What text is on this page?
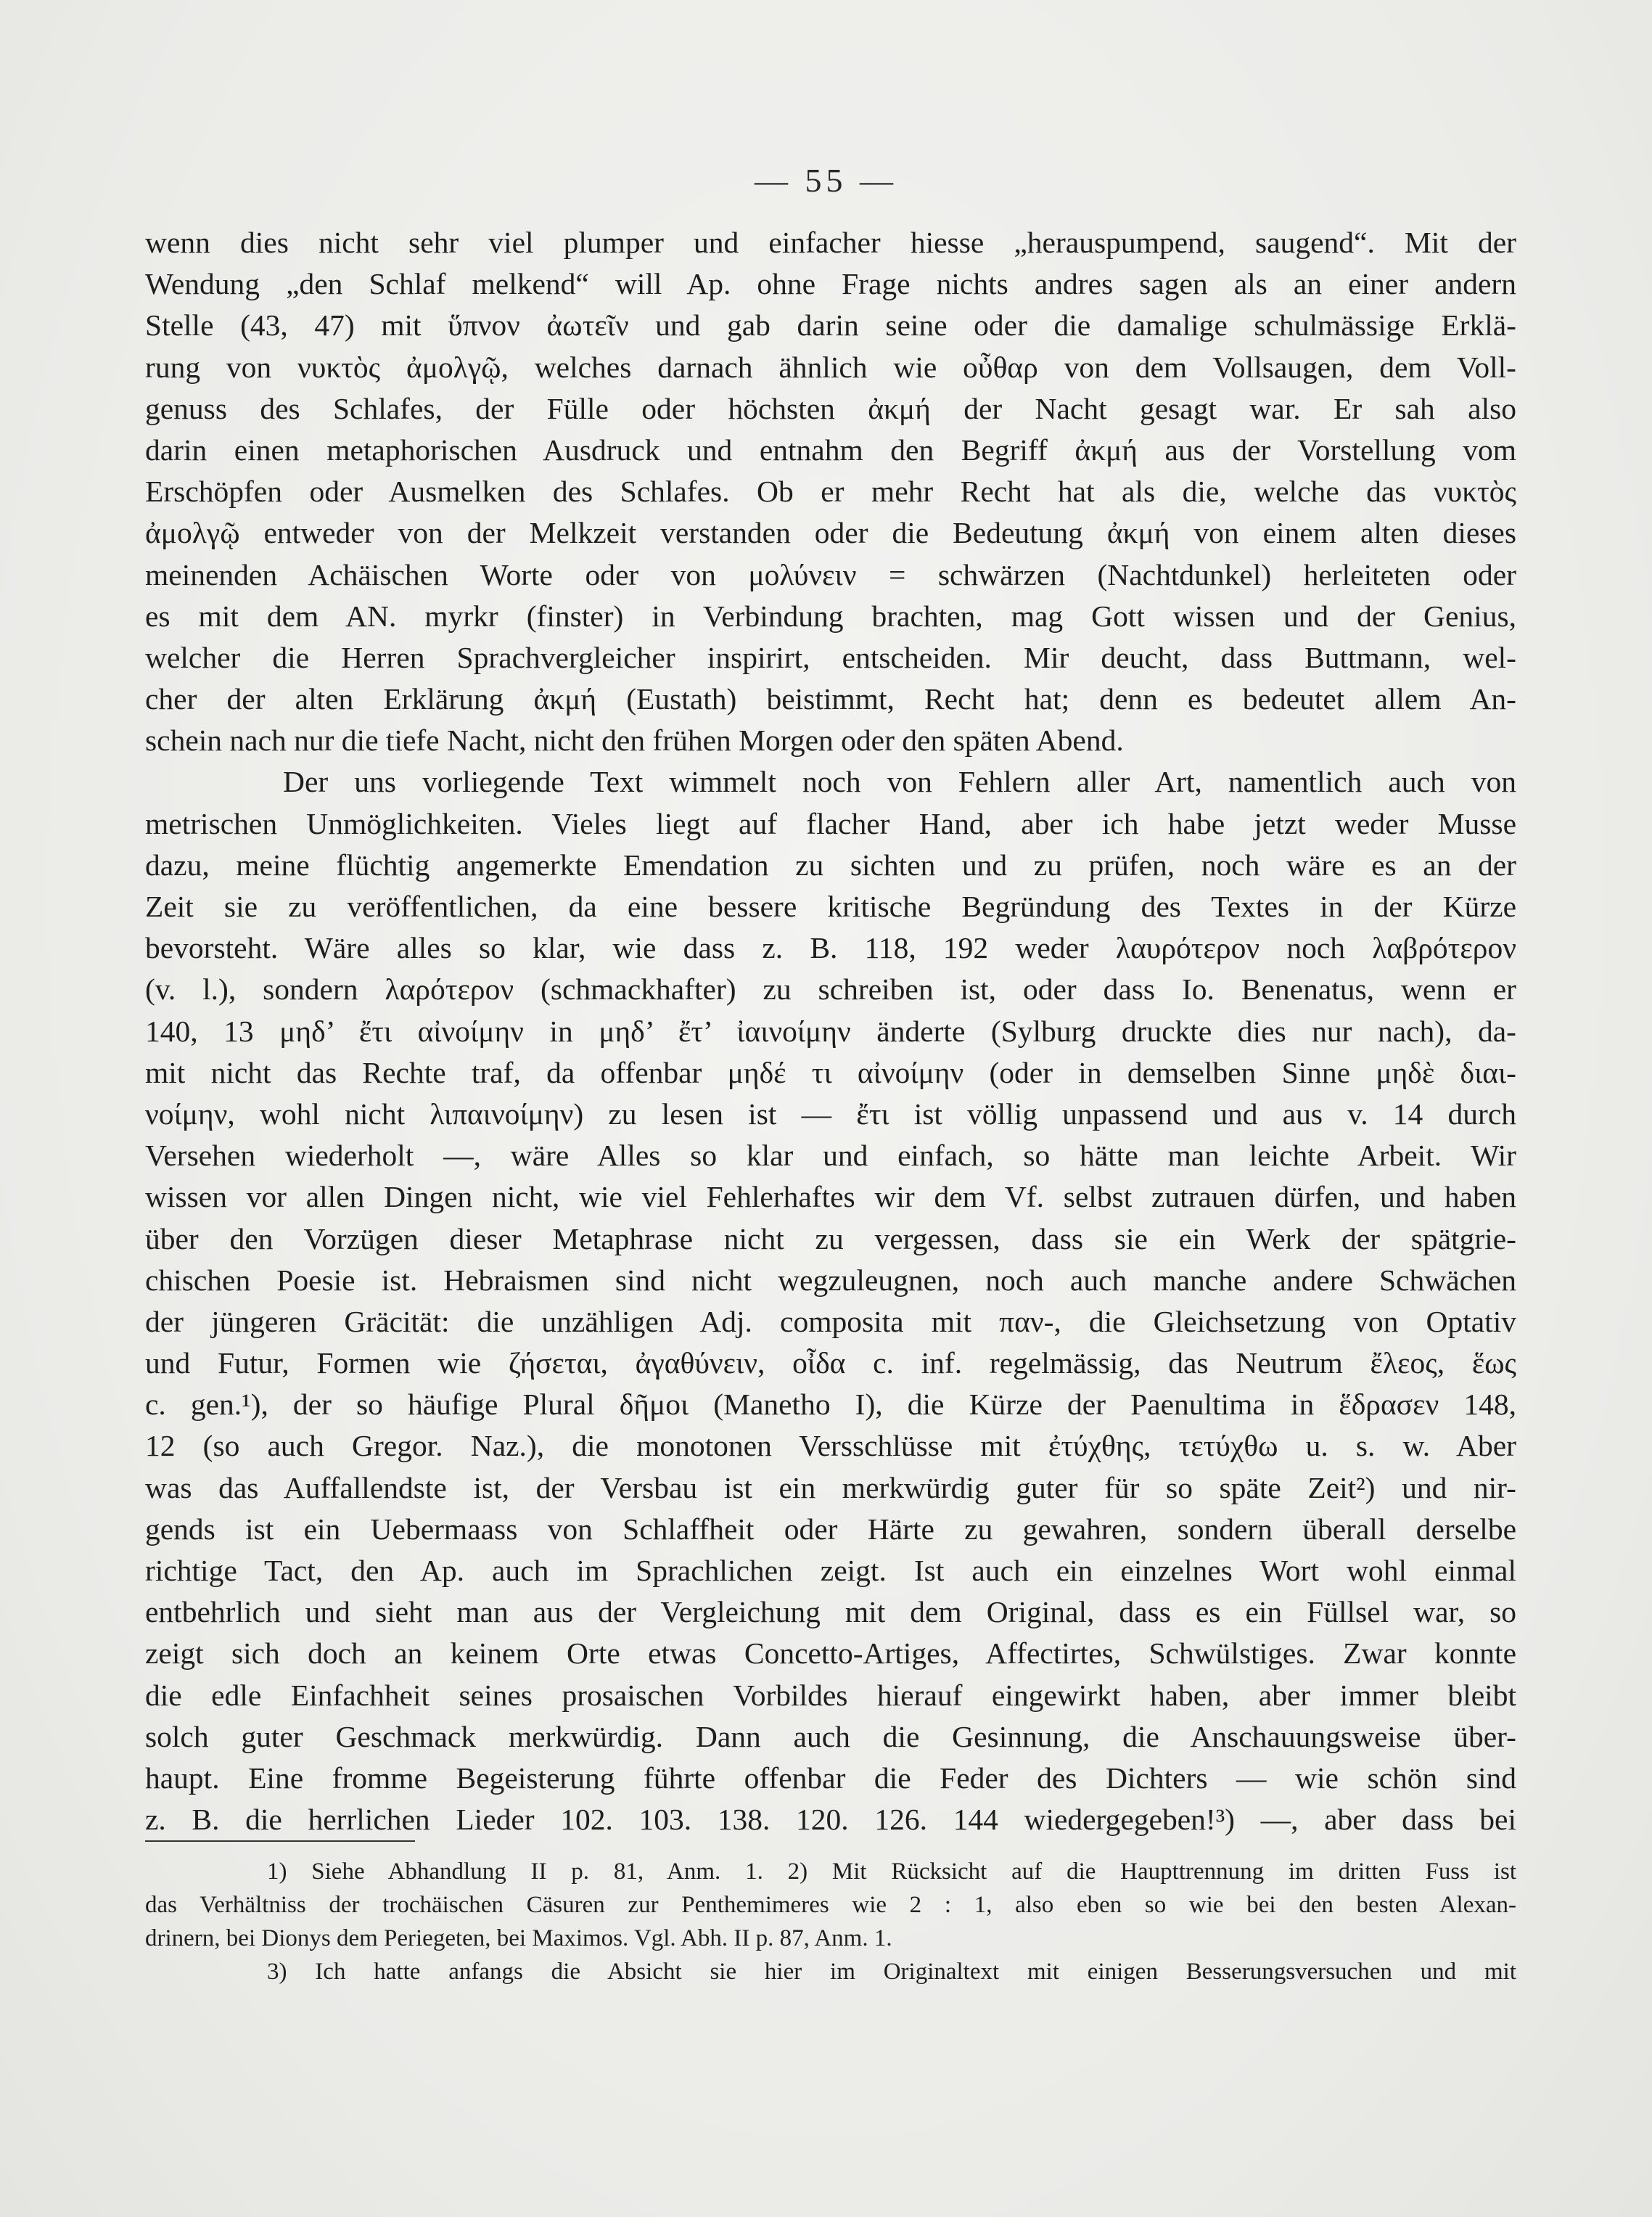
— 55 —
wenn dies nicht sehr viel plumper und einfacher hiesse „herauspumpend, saugend“. Mit der
Wendung „den Schlaf melkend“ will Ap. ohne Frage nichts andres sagen als an einer andern
Stelle (43, 47) mit ὕπνον ἀωτεῖν und gab darin seine oder die damalige schulmässige Erklä-
rung von νυκτὸς ἀμολγῷ, welches darnach ähnlich wie οὖθαρ von dem Vollsaugen, dem Voll-
genuss des Schlafes, der Fülle oder höchsten ἀκμή der Nacht gesagt war. Er sah also
darin einen metaphorischen Ausdruck und entnahm den Begriff ἀκμή aus der Vorstellung vom
Erschöpfen oder Ausmelken des Schlafes. Ob er mehr Recht hat als die, welche das νυκτὸς
ἀμολγῷ entweder von der Melkzeit verstanden oder die Bedeutung ἀκμή von einem alten dieses
meinenden Achäischen Worte oder von μολύνειν = schwärzen (Nachtdunkel) herleiteten oder
es mit dem AN. myrkr (finster) in Verbindung brachten, mag Gott wissen und der Genius,
welcher die Herren Sprachvergleicher inspirirt, entscheiden. Mir deucht, dass Buttmann, wel-
cher der alten Erklärung ἀκμή (Eustath) beistimmt, Recht hat; denn es bedeutet allem An-
schein nach nur die tiefe Nacht, nicht den frühen Morgen oder den späten Abend.
Der uns vorliegende Text wimmelt noch von Fehlern aller Art, namentlich auch von
metrischen Unmöglichkeiten. Vieles liegt auf flacher Hand, aber ich habe jetzt weder Musse
dazu, meine flüchtig angemerkte Emendation zu sichten und zu prüfen, noch wäre es an der
Zeit sie zu veröffentlichen, da eine bessere kritische Begründung des Textes in der Kürze
bevorsteht. Wäre alles so klar, wie dass z. B. 118, 192 weder λαυρότερον noch λαβρότερον
(v. l.), sondern λαρότερον (schmackhafter) zu schreiben ist, oder dass Io. Benenatus, wenn er
140, 13 μηδ’ ἔτι αἰνοίμην in μηδ’ ἔτ’ ἰαινοίμην änderte (Sylburg druckte dies nur nach), da-
mit nicht das Rechte traf, da offenbar μηδέ τι αἰνοίμην (oder in demselben Sinne μηδὲ διαι-
νοίμην, wohl nicht λιπαινοίμην) zu lesen ist — ἔτι ist völlig unpassend und aus v. 14 durch
Versehen wiederholt —, wäre Alles so klar und einfach, so hätte man leichte Arbeit. Wir
wissen vor allen Dingen nicht, wie viel Fehlerhaftes wir dem Vf. selbst zutrauen dürfen, und haben
über den Vorzügen dieser Metaphrase nicht zu vergessen, dass sie ein Werk der spätgrie-
chischen Poesie ist. Hebraismen sind nicht wegzuleugnen, noch auch manche andere Schwächen
der jüngeren Gräcität: die unzähligen Adj. composita mit παν-, die Gleichsetzung von Optativ
und Futur, Formen wie ζήσεται, ἀγαθύνειν, οἶδα c. inf. regelmässig, das Neutrum ἔλεος, ἕως
c. gen.¹), der so häufige Plural δῆμοι (Manetho I), die Kürze der Paenultima in ἕδρασεν 148,
12 (so auch Gregor. Naz.), die monotonen Versschlüsse mit ἐτύχθης, τετύχθω u. s. w. Aber
was das Auffallendste ist, der Versbau ist ein merkwürdig guter für so späte Zeit²) und nir-
gends ist ein Uebermaass von Schlaffheit oder Härte zu gewahren, sondern überall derselbe
richtige Tact, den Ap. auch im Sprachlichen zeigt. Ist auch ein einzelnes Wort wohl einmal
entbehrlich und sieht man aus der Vergleichung mit dem Original, dass es ein Füllsel war, so
zeigt sich doch an keinem Orte etwas Concetto-Artiges, Affectirtes, Schwülstiges. Zwar konnte
die edle Einfachheit seines prosaischen Vorbildes hierauf eingewirkt haben, aber immer bleibt
solch guter Geschmack merkwürdig. Dann auch die Gesinnung, die Anschauungsweise über-
haupt. Eine fromme Begeisterung führte offenbar die Feder des Dichters — wie schön sind
z. B. die herrlichen Lieder 102. 103. 138. 120. 126. 144 wiedergegeben!³) —, aber dass bei
1) Siehe Abhandlung II p. 81, Anm. 1. 2) Mit Rücksicht auf die Haupttrennung im dritten Fuss ist
das Verhältniss der trochäischen Cäsuren zur Penthemimeres wie 2 : 1, also eben so wie bei den besten Alexan-
drinern, bei Dionys dem Periegeten, bei Maximos. Vgl. Abh. II p. 87, Anm. 1.
3) Ich hatte anfangs die Absicht sie hier im Originaltext mit einigen Besserungsversuchen und mit
